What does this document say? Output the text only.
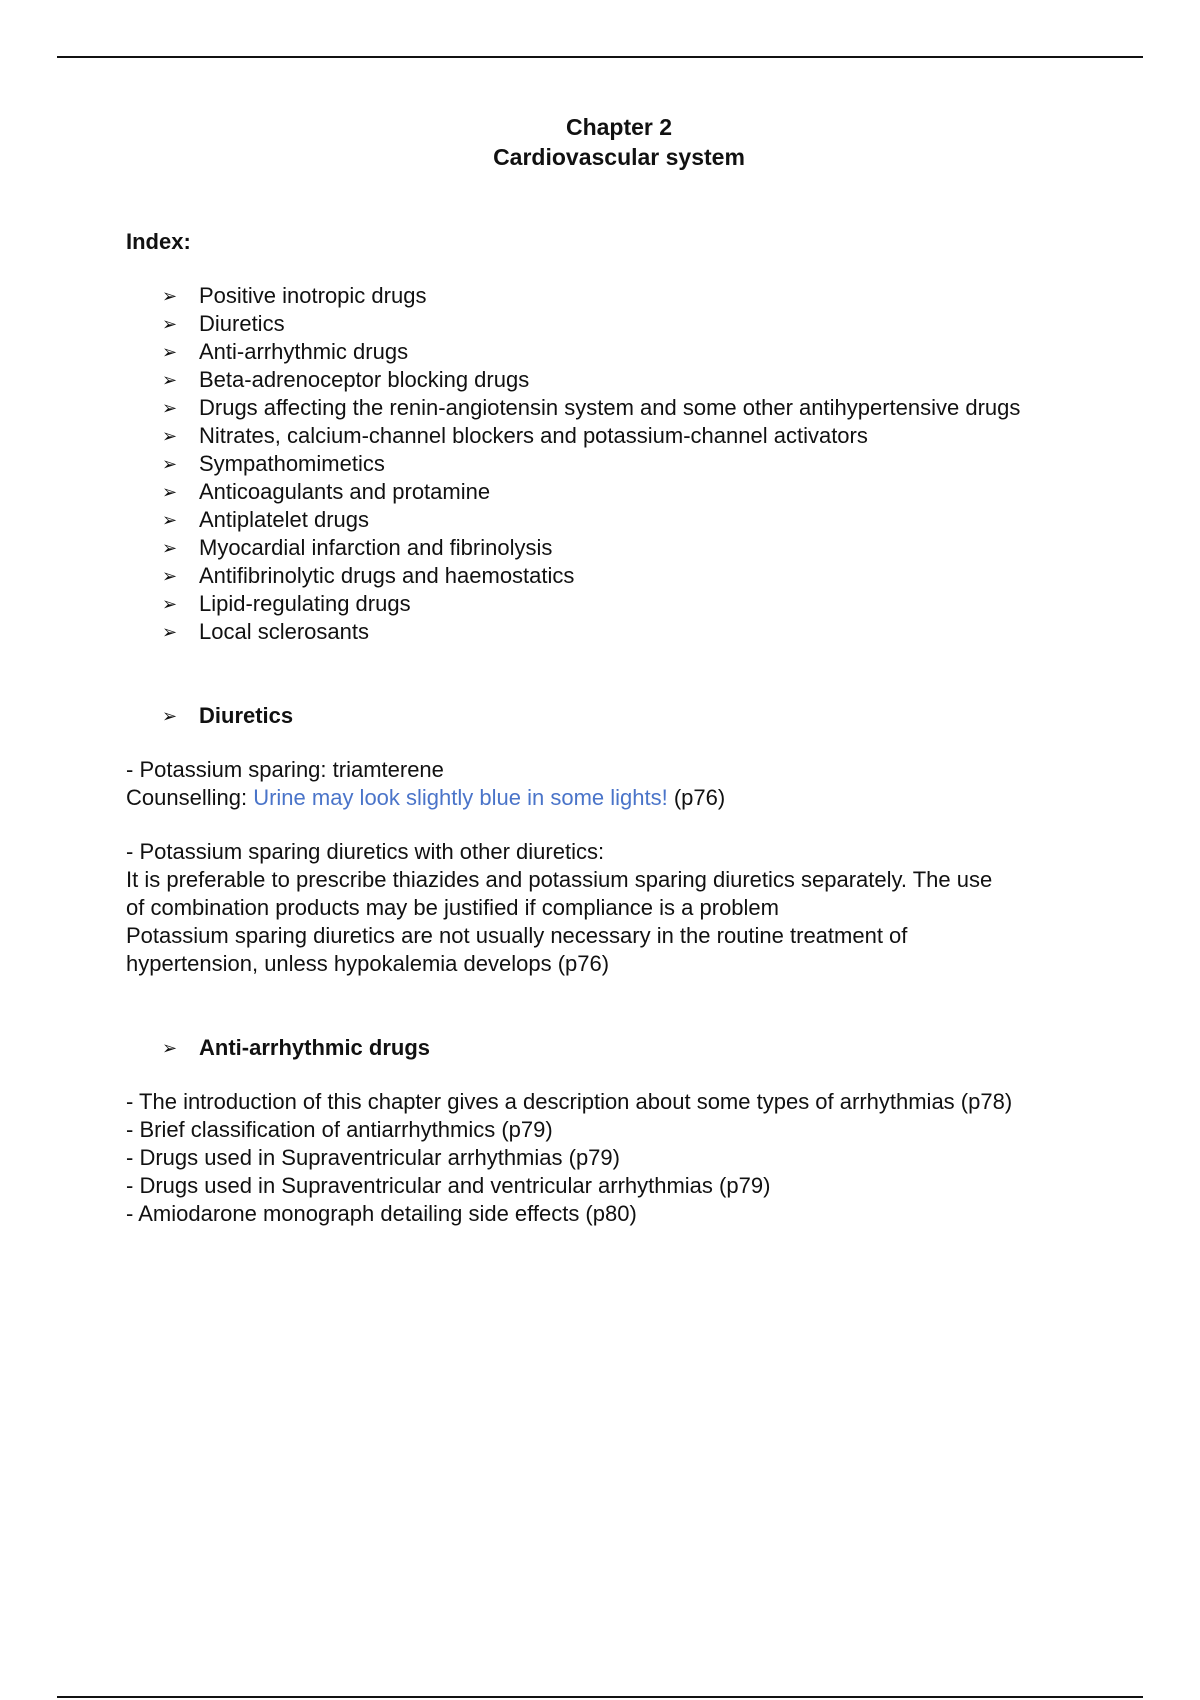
Chapter 2
Cardiovascular system
Index:
➢ Positive inotropic drugs
➢ Diuretics
➢ Anti-arrhythmic drugs
➢ Beta-adrenoceptor blocking drugs
➢ Drugs affecting the renin-angiotensin system and some other antihypertensive drugs
➢ Nitrates, calcium-channel blockers and potassium-channel activators
➢ Sympathomimetics
➢ Anticoagulants and protamine
➢ Antiplatelet drugs
➢ Myocardial infarction and fibrinolysis
➢ Antifibrinolytic drugs and haemostatics
➢ Lipid-regulating drugs
➢ Local sclerosants
➢ Diuretics
- Potassium sparing: triamterene
Counselling: Urine may look slightly blue in some lights! (p76)
- Potassium sparing diuretics with other diuretics:
It is preferable to prescribe thiazides and potassium sparing diuretics separately. The use
of combination products may be justified if compliance is a problem
Potassium sparing diuretics are not usually necessary in the routine treatment of
hypertension, unless hypokalemia develops (p76)
➢ Anti-arrhythmic drugs
- The introduction of this chapter gives a description about some types of arrhythmias (p78)
- Brief classification of antiarrhythmics (p79)
- Drugs used in Supraventricular arrhythmias (p79)
- Drugs used in Supraventricular and ventricular arrhythmias (p79)
- Amiodarone monograph detailing side effects (p80)
